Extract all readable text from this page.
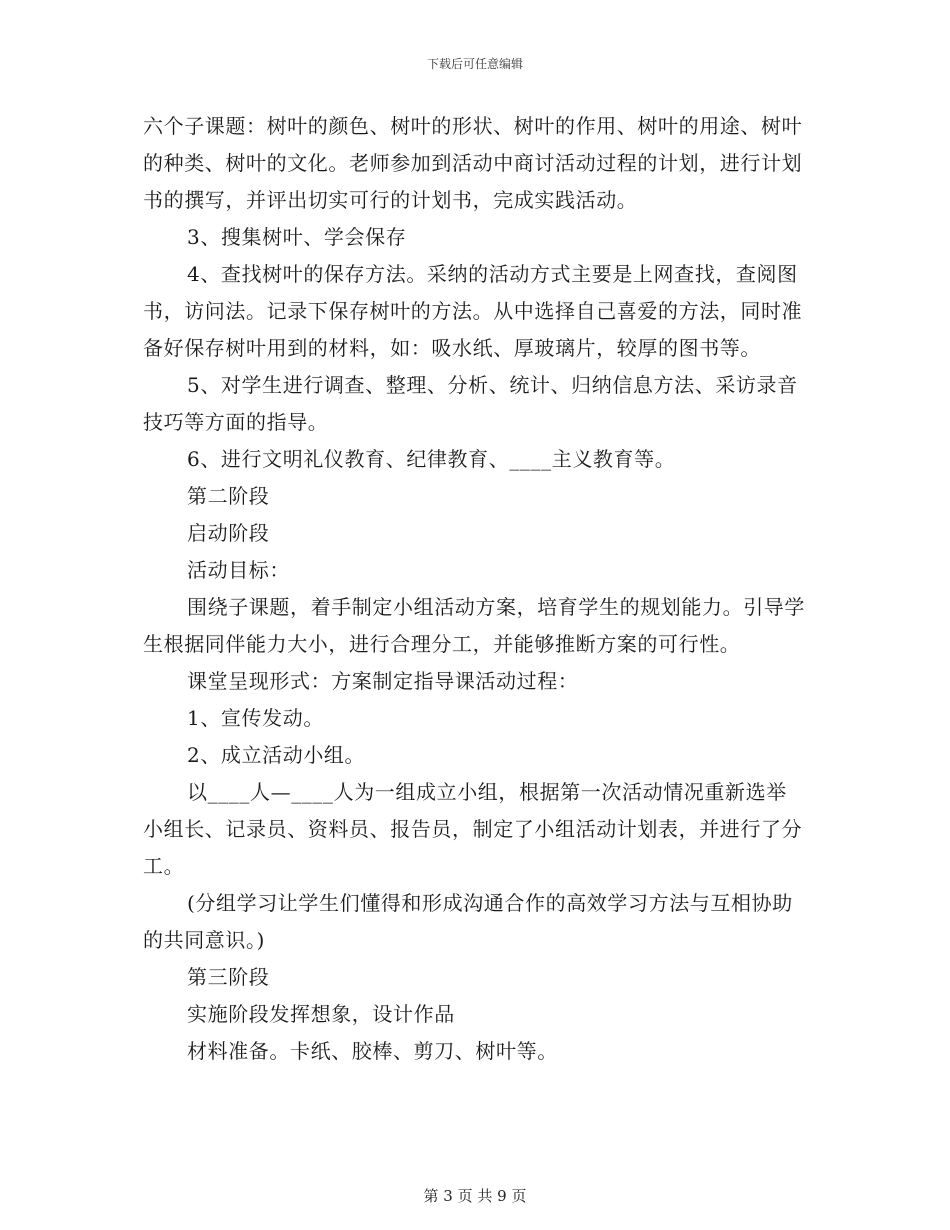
下载后可任意编辑

六个子课题：树叶的颜色、树叶的形状、树叶的作用、树叶的用途、树叶的种类、树叶的文化。老师参加到活动中商讨活动过程的计划，进行计划书的撰写，并评出切实可行的计划书，完成实践活动。

3、搜集树叶、学会保存

4、查找树叶的保存方法。采纳的活动方式主要是上网查找，查阅图书，访问法。记录下保存树叶的方法。从中选择自己喜爱的方法，同时准备好保存树叶用到的材料，如：吸水纸、厚玻璃片，较厚的图书等。

5、对学生进行调查、整理、分析、统计、归纳信息方法、采访录音技巧等方面的指导。

6、进行文明礼仪教育、纪律教育、____主义教育等。

第二阶段

启动阶段

活动目标：

围绕子课题，着手制定小组活动方案，培育学生的规划能力。引导学生根据同伴能力大小，进行合理分工，并能够推断方案的可行性。

课堂呈现形式：方案制定指导课活动过程：

1、宣传发动。

2、成立活动小组。

以____人—____人为一组成立小组，根据第一次活动情况重新选举小组长、记录员、资料员、报告员，制定了小组活动计划表，并进行了分工。

(分组学习让学生们懂得和形成沟通合作的高效学习方法与互相协助的共同意识。)

第三阶段

实施阶段发挥想象，设计作品

材料准备。卡纸、胶棒、剪刀、树叶等。

第 3 页 共 9 页
